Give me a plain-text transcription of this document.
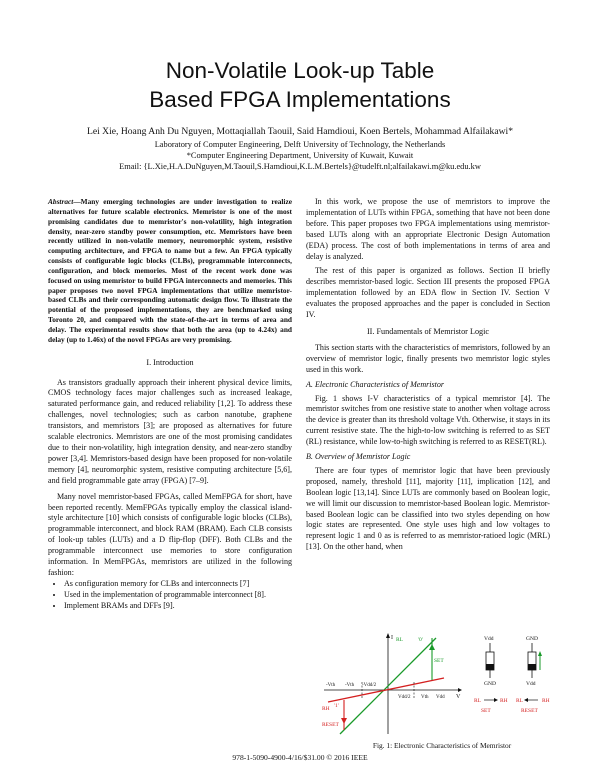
Non-Volatile Look-up Table
Based FPGA Implementations
Lei Xie, Hoang Anh Du Nguyen, Mottaqiallah Taouil, Said Hamdioui, Koen Bertels, Mohammad Alfailakawi*
Laboratory of Computer Engineering, Delft University of Technology, the Netherlands
*Computer Engineering Department, University of Kuwait, Kuwait
Email: {L.Xie,H.A.DuNguyen,M.Taouil,S.Hamdioui,K.L.M.Bertels}@tudelft.nl;alfailakawi.m@ku.edu.kw
Abstract—Many emerging technologies are under investigation to realize alternatives for future scalable electronics. Memristor is one of the most promising candidates due to memristor's non-volatility, high integration density, near-zero standby power consumption, etc. Memristors have been recently utilized in non-volatile memory, neuromorphic system, resistive computing architecture, and FPGA to name but a few. An FPGA typically consists of configurable logic blocks (CLBs), programmable interconnects, configuration, and block memories. Most of the recent work done was focused on using memristor to build FPGA interconnects and memories. This paper proposes two novel FPGA implementations that utilize memristor-based CLBs and their corresponding automatic design flow. To illustrate the potential of the proposed implementations, they are benchmarked using Toronto 20, and compared with the state-of-the-art in terms of area and delay. The experimental results show that both the area (up to 4.24x) and delay (up to 1.46x) of the novel FPGAs are very promising.
I. Introduction

As transistors gradually approach their inherent physical device limits, CMOS technology faces major challenges such as increased leakage, saturated performance gain, and reduced reliability [1,2]. To address these challenges, novel technologies; such as carbon nanotube, graphene transistors, and memristors [3]; are proposed as alternatives for future scalable electronics. Memristors are one of the most promising candidates due to their non-volatility, high integration density, and near-zero standby power [3,4]. Memristors-based design have been proposed for non-volatile memory [4], neuromorphic system, resistive computing architecture [5,6], and field programmable gate array (FPGA) [7–9].

Many novel memristor-based FPGAs, called MemFPGA for short, have been reported recently. MemFPGAs typically employ the classical island-style architecture [10] which consists of configurable logic blocks (CLBs), programmable interconnect, and block RAM (BRAM). Each CLB consists of look-up tables (LUTs) and a D flip-flop (DFF). Both CLBs and the programmable interconnect use memories to store configuration information. In MemFPGAs, memristors are utilized in the following fashion:

• As configuration memory for CLBs and interconnects [7]
• Used in the implementation of programmable interconnect [8].
• Implement BRAMs and DFFs [9].

In this work, we propose the use of memristors to improve the implementation of LUTs within FPGA, something that have not been done before. This paper proposes two FPGA implementations using memristor-based LUTs along with an appropriate Electronic Design Automation (EDA) process. The cost of both implementations in terms of area and delay is analyzed.

The rest of this paper is organized as follows. Section II briefly describes memristor-based logic. Section III presents the proposed FPGA implementation followed by an EDA flow in Section IV. Section V evaluates the proposed approaches and the paper is concluded in Section IV.

II. Fundamentals of Memristor Logic

This section starts with the characteristics of memristors, followed by an overview of memristor logic, finally presents two memristor logic styles used in this work.

A. Electronic Characteristics of Memristor

Fig. 1 shows I-V characteristics of a typical memristor [4]. The memristor switches from one resistive state to another when voltage across the device is greater than its threshold voltage Vth. Otherwise, it stays in its current resistive state. The the high-to-low switching is referred to as SET (RL) resistance, while low-to-high switching is referred to as RESET(RL).

B. Overview of Memristor Logic

There are four types of memristor logic that have been previously proposed, namely, threshold [11], majority [11], implication [12], and Boolean logic [13,14]. Since LUTs are commonly based on Boolean logic, we will limit our discussion to memristor-based Boolean logic. Memristor-based Boolean logic can be classified into two styles depending on how logic states are represented. One style uses high and low voltages to represent logic 1 and 0 as is referred to as memristor-ratioed logic (MRL) [13]. On the other hand, when

I RL	'0'
SET
-Vth -Vth -Vdd/2
Vdd/2 Vth Vdd V
RH '1'
RESET
Vdd
GND
RL	RH
SET
GND
Vdd
RL	RH
RESET
Fig. 1: Electronic Characteristics of Memristor
978-1-5090-4900-4/16/$31.00 © 2016 IEEE
